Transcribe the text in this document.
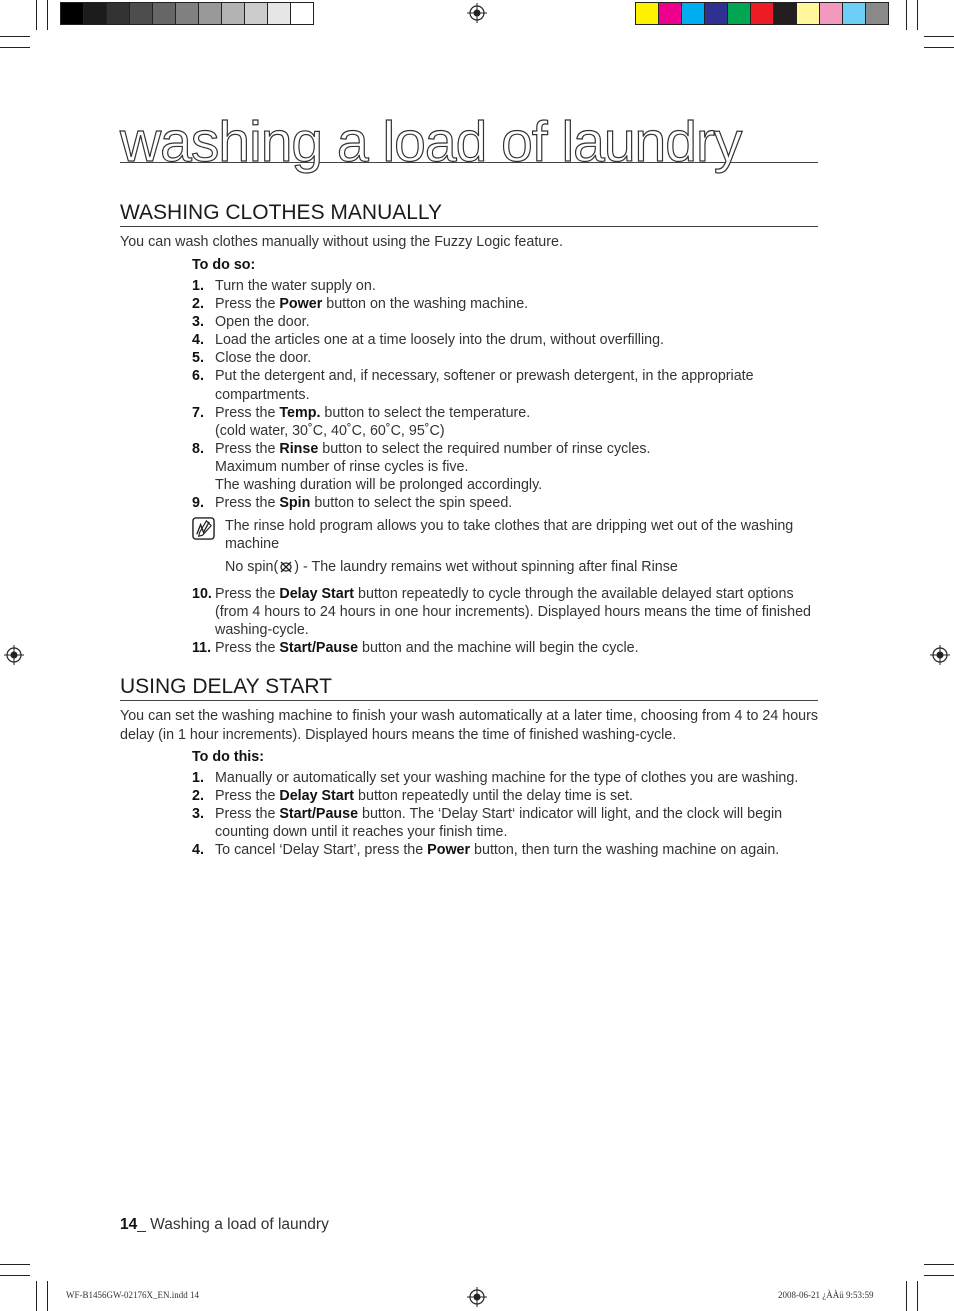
washing a load of laundry
WASHING CLOTHES MANUALLY
You can wash clothes manually without using the Fuzzy Logic feature.
To do so:
1. Turn the water supply on.
2. Press the Power button on the washing machine.
3. Open the door.
4. Load the articles one at a time loosely into the drum, without overfilling.
5. Close the door.
6. Put the detergent and, if necessary, softener or prewash detergent, in the appropriate compartments.
7. Press the Temp. button to select the temperature.
(cold water, 30˚C, 40˚C, 60˚C, 95˚C)
8. Press the Rinse button to select the required number of rinse cycles.
Maximum number of rinse cycles is five.
The washing duration will be prolonged accordingly.
9. Press the Spin button to select the spin speed.
The rinse hold program allows you to take clothes that are dripping wet out of the washing machine
No spin( ) - The laundry remains wet without spinning after final Rinse
10. Press the Delay Start button repeatedly to cycle through the available delayed start options (from 4 hours to 24 hours in one hour increments). Displayed hours means the time of finished washing-cycle.
11. Press the Start/Pause button and the machine will begin the cycle.
USING DELAY START
You can set the washing machine to finish your wash automatically at a later time, choosing from 4 to 24 hours delay (in 1 hour increments). Displayed hours means the time of finished washing-cycle.
To do this:
1. Manually or automatically set your washing machine for the type of clothes you are washing.
2. Press the Delay Start button repeatedly until the delay time is set.
3. Press the Start/Pause button. The ‘Delay Start‘ indicator will light, and the clock will begin counting down until it reaches your finish time.
4. To cancel ‘Delay Start’, press the Power button, then turn the washing machine on again.
14_ Washing a load of laundry
WF-B1456GW-02176X_EN.indd 14	2008-06-21 ¿ÀÀü 9:53:59
